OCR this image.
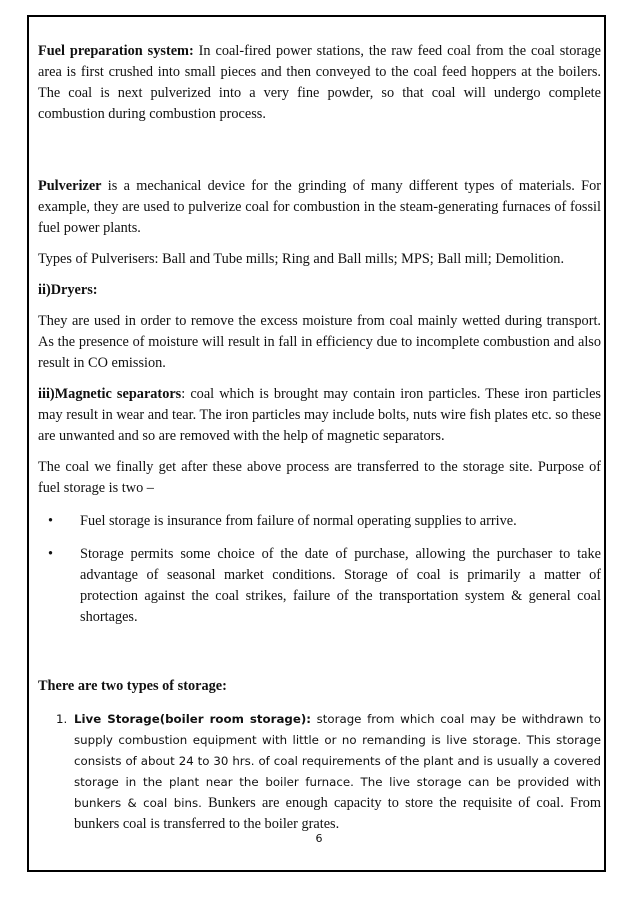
Fuel preparation system: In coal-fired power stations, the raw feed coal from the coal storage area is first crushed into small pieces and then conveyed to the coal feed hoppers at the boilers. The coal is next pulverized into a very fine powder, so that coal will undergo complete combustion during combustion process.

Pulverizer is a mechanical device for the grinding of many different types of materials. For example, they are used to pulverize coal for combustion in the steam-generating furnaces of fossil fuel power plants.

Types of Pulverisers: Ball and Tube mills; Ring and Ball mills; MPS; Ball mill; Demolition.

ii)Dryers:

They are used in order to remove the excess moisture from coal mainly wetted during transport. As the presence of moisture will result in fall in efficiency due to incomplete combustion and also result in CO emission.

iii)Magnetic separators: coal which is brought may contain iron particles. These iron particles may result in wear and tear. The iron particles may include bolts, nuts wire fish plates etc. so these are unwanted and so are removed with the help of magnetic separators.

The coal we finally get after these above process are transferred to the storage site. Purpose of fuel storage is two –

• Fuel storage is insurance from failure of normal operating supplies to arrive.
• Storage permits some choice of the date of purchase, allowing the purchaser to take advantage of seasonal market conditions. Storage of coal is primarily a matter of protection against the coal strikes, failure of the transportation system & general coal shortages.

There are two types of storage:

1. Live Storage(boiler room storage): storage from which coal may be withdrawn to supply combustion equipment with little or no remanding is live storage. This storage consists of about 24 to 30 hrs. of coal requirements of the plant and is usually a covered storage in the plant near the boiler furnace. The live storage can be provided with bunkers & coal bins. Bunkers are enough capacity to store the requisite of coal. From bunkers coal is transferred to the boiler grates.
6
